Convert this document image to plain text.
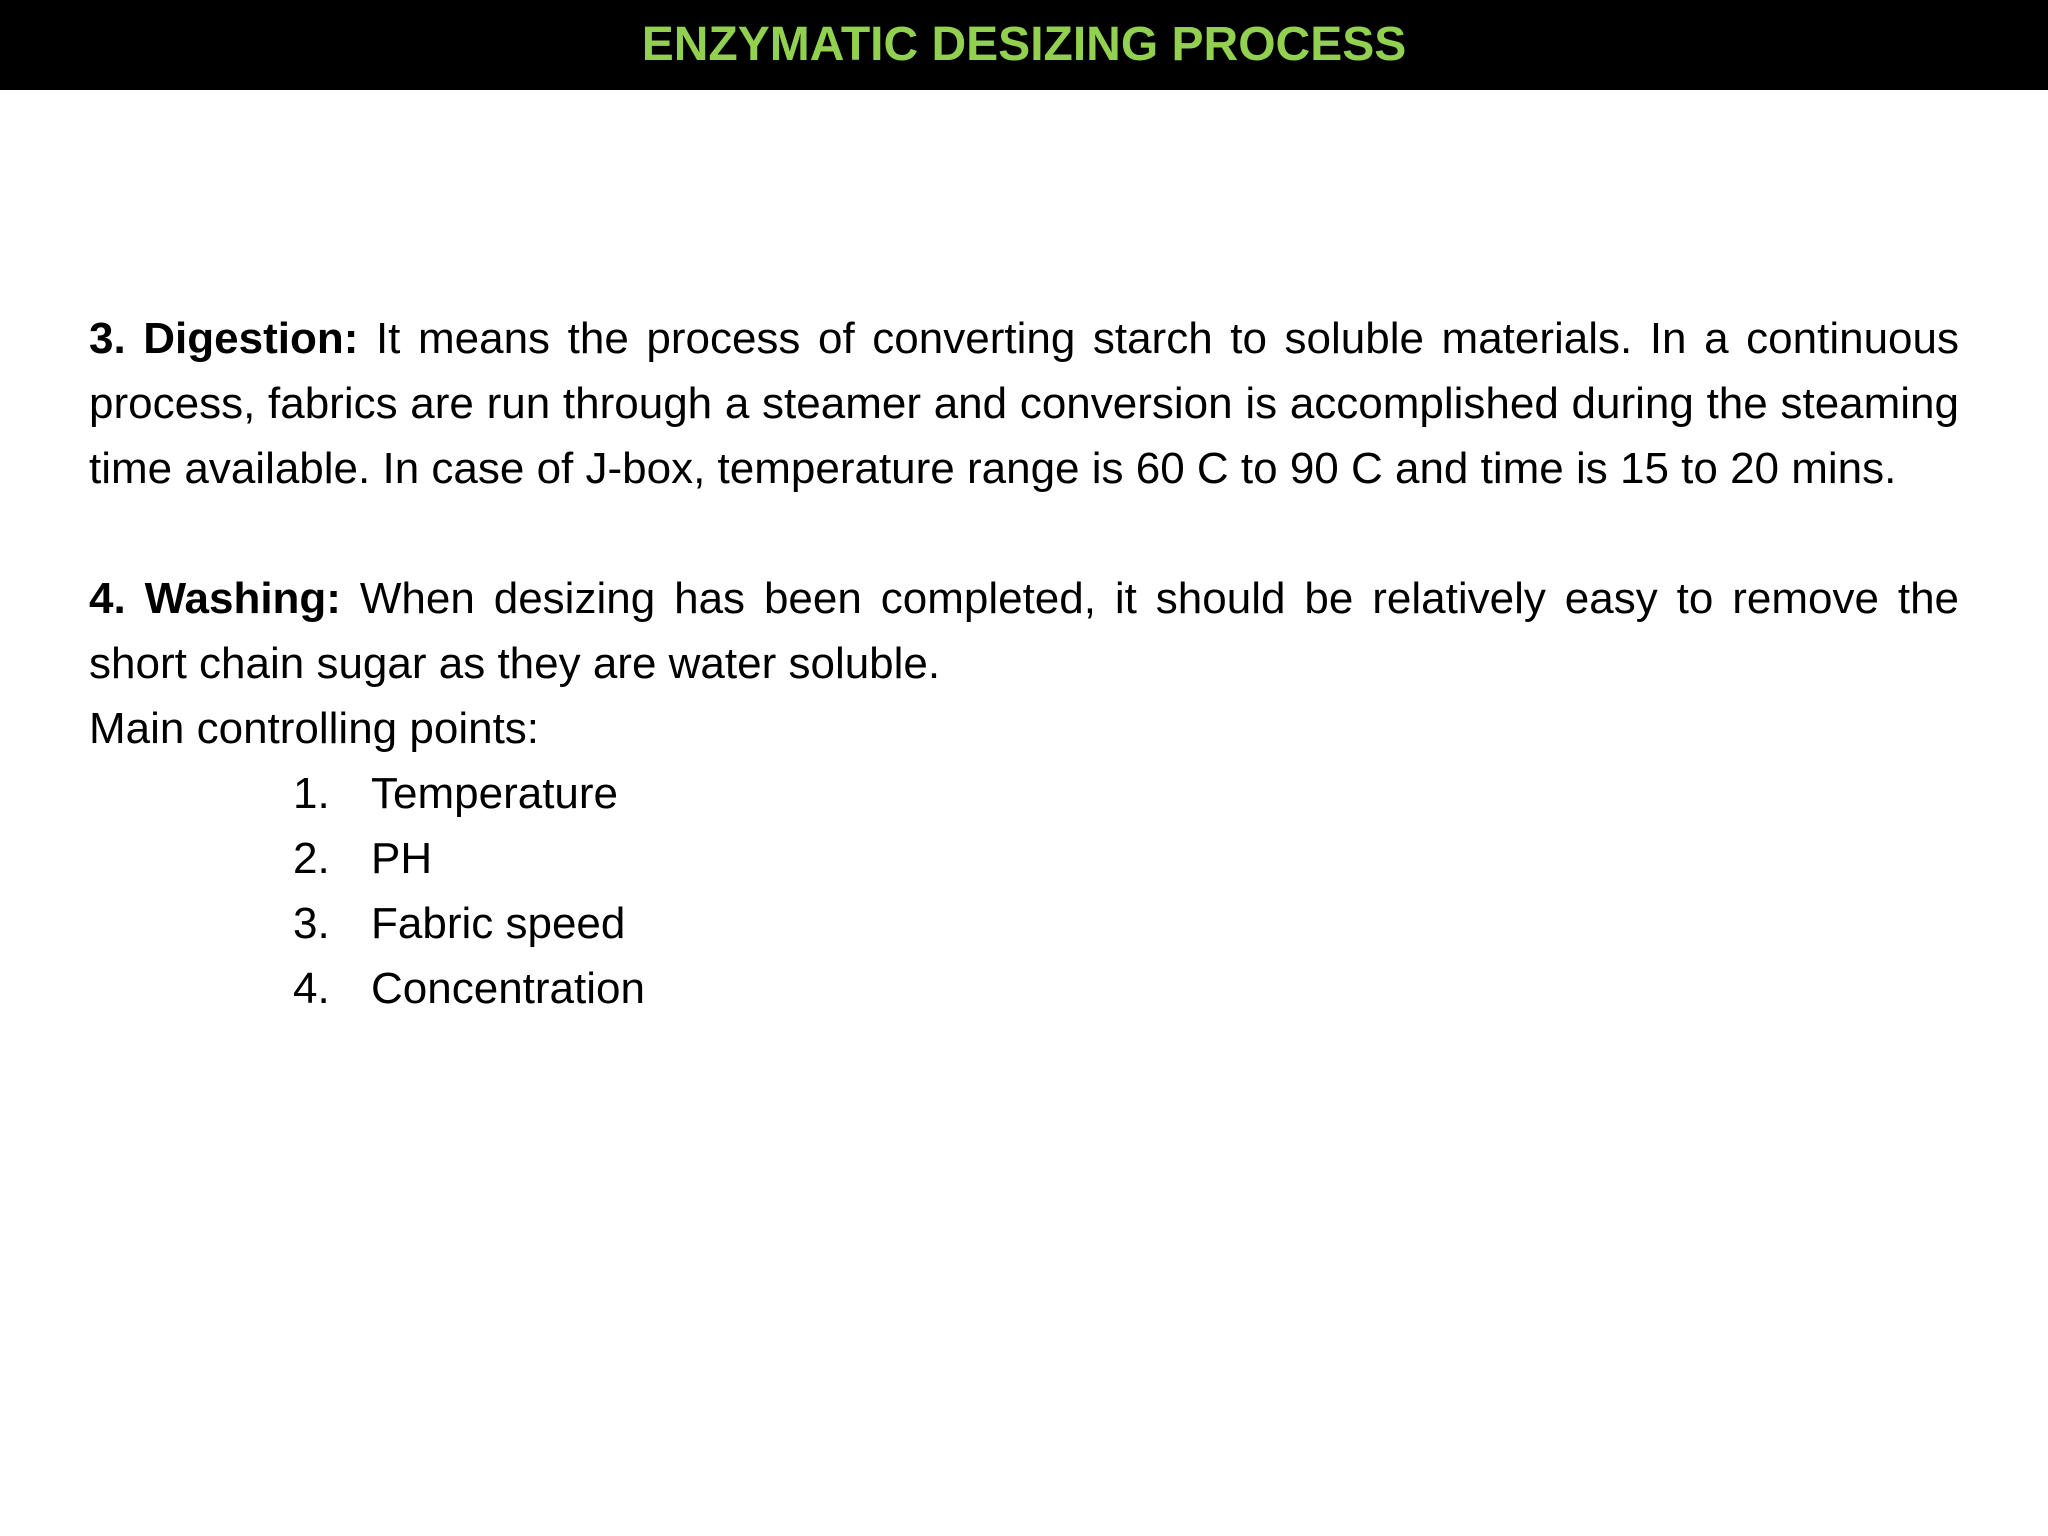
ENZYMATIC DESIZING PROCESS

3. Digestion: It means the process of converting starch to soluble materials. In a continuous process, fabrics are run through a steamer and conversion is accomplished during the steaming time available. In case of J-box, temperature range is 60 C to 90 C and time is 15 to 20 mins.

4. Washing: When desizing has been completed, it should be relatively easy to remove the short chain sugar as they are water soluble.

Main controlling points:

1. Temperature
2. PH
3. Fabric speed
4. Concentration
